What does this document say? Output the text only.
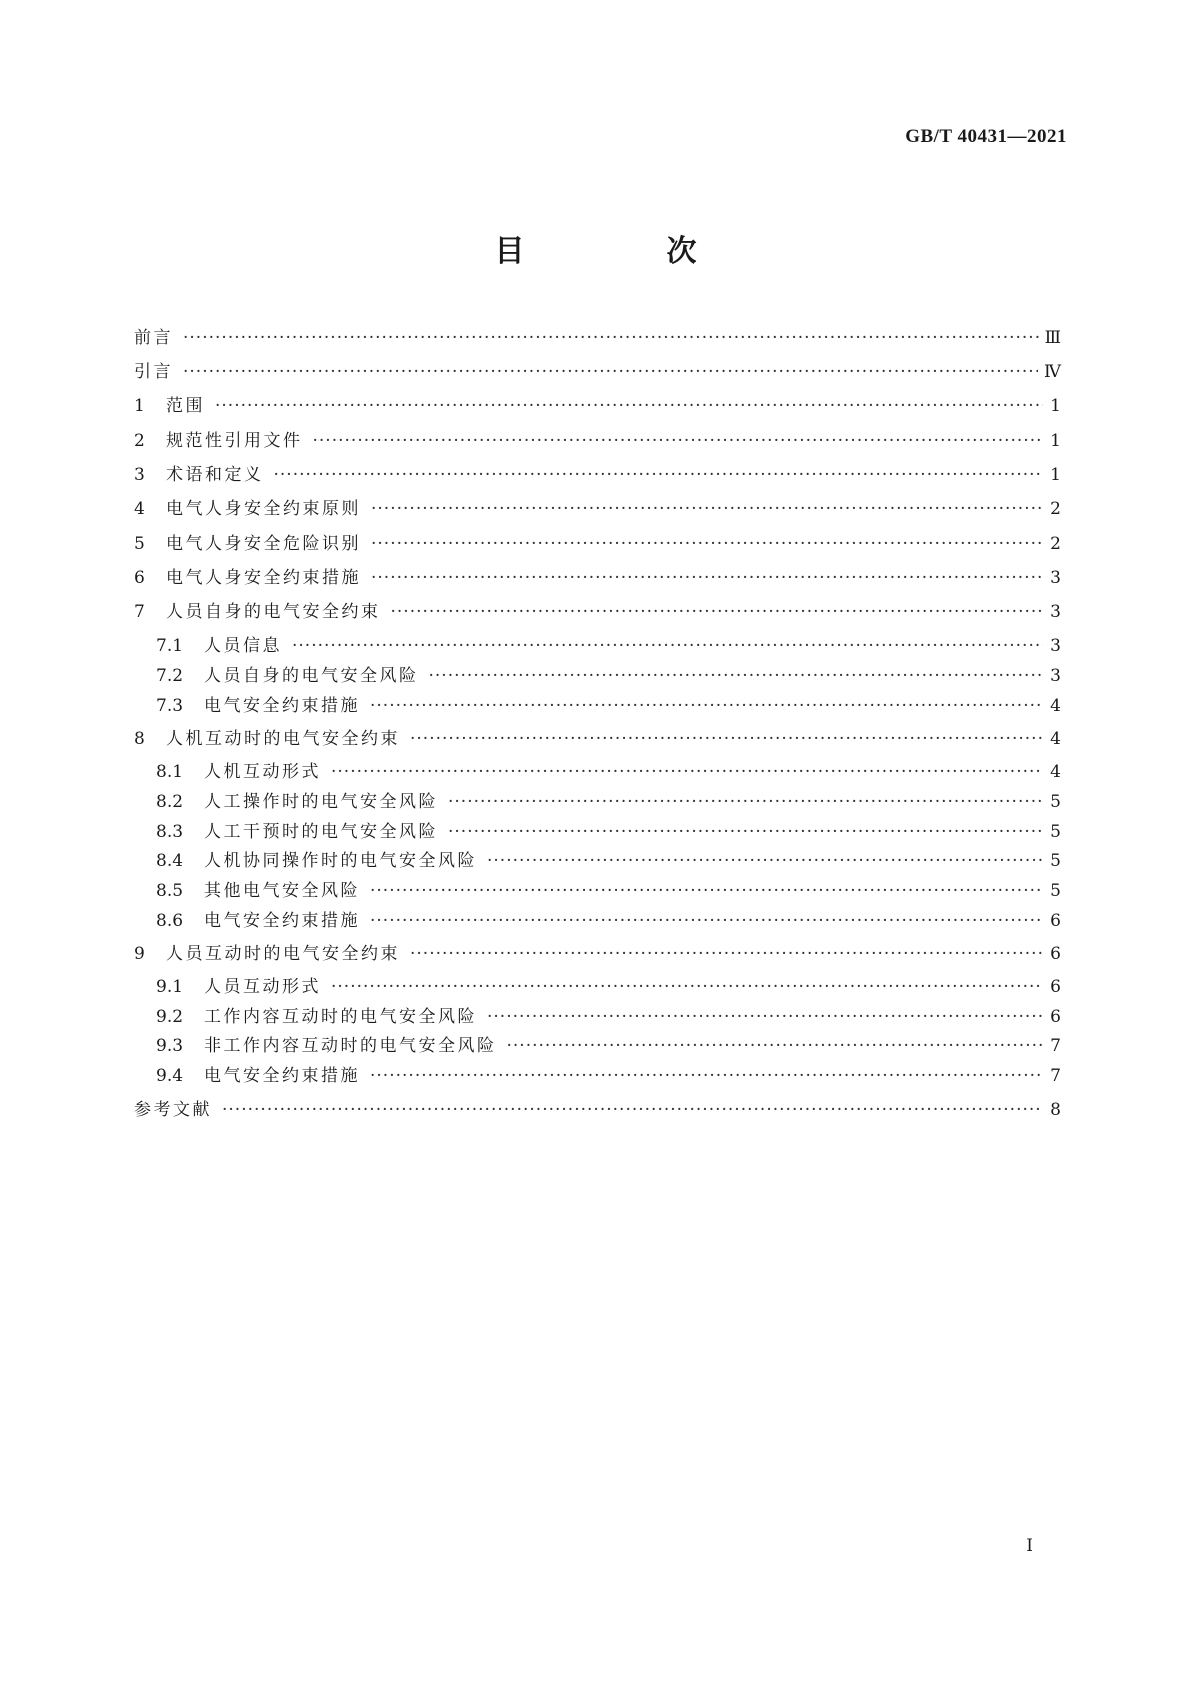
GB/T 40431—2021
目　次
前言 ·····	Ⅲ
引言 ·····	Ⅳ
1	范围 ·····	1
2	规范性引用文件 ·····	1
3	术语和定义 ·····	1
4	电气人身安全约束原则 ·····	2
5	电气人身安全危险识别 ·····	2
6	电气人身安全约束措施 ·····	3
7	人员自身的电气安全约束 ·····	3
7.1	人员信息 ·····	3
7.2	人员自身的电气安全风险 ·····	3
7.3	电气安全约束措施 ·····	4
8	人机互动时的电气安全约束 ·····	4
8.1	人机互动形式 ·····	4
8.2	人工操作时的电气安全风险 ·····	5
8.3	人工干预时的电气安全风险 ·····	5
8.4	人机协同操作时的电气安全风险 ·····	5
8.5	其他电气安全风险 ·····	5
8.6	电气安全约束措施 ·····	6
9	人员互动时的电气安全约束 ·····	6
9.1	人员互动形式 ·····	6
9.2	工作内容互动时的电气安全风险 ·····	6
9.3	非工作内容互动时的电气安全风险 ·····	7
9.4	电气安全约束措施 ·····	7
参考文献 ·····	8
Ⅰ
